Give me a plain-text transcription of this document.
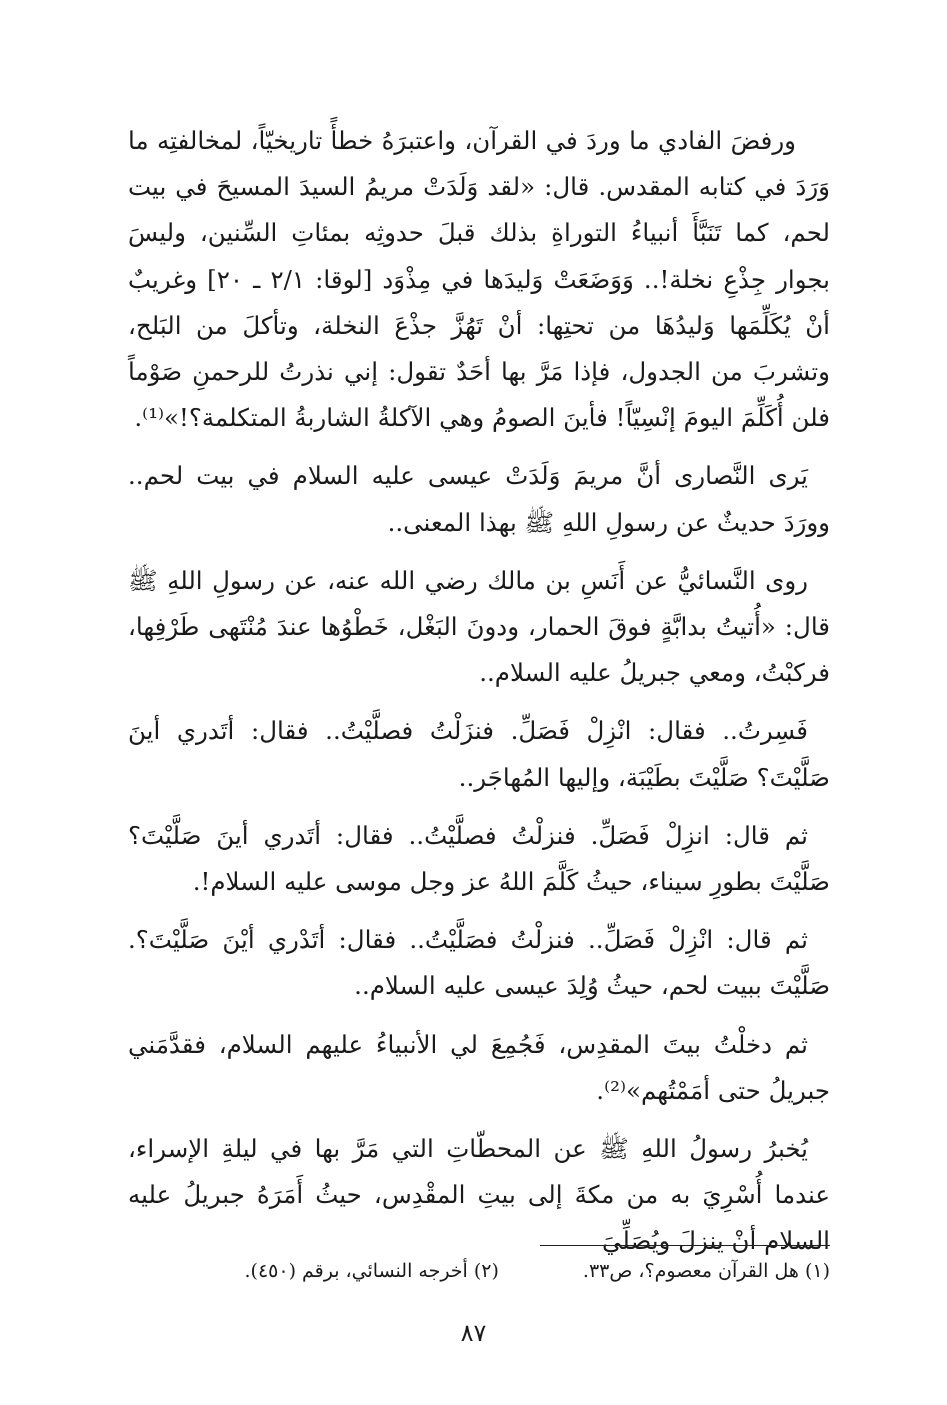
ورفضَ الفادي ما وردَ في القرآن، واعتبرَهُ خطأً تاريخيّاً، لمخالفتِه ما وَرَدَ في كتابه المقدس. قال: «لقد وَلَدَتْ مريمُ السيدَ المسيحَ في بيت لحم، كما تَنَبَّأَ أنبياءُ التوراةِ بذلك قبلَ حدوثِه بمئاتِ السِّنين، وليسَ بجوار جِذْعِ نخلة!.. وَوَضَعَتْ وَليدَها في مِذْوَد [لوقا: ٢/١ ـ ٢٠] وغريبٌ أنْ يُكَلِّمَها وَليدُهَا من تحتِها: أنْ تَهُزَّ جذْعَ النخلة، وتأكلَ من البَلح، وتشربَ من الجدول، فإذا مَرَّ بها أحَدٌ تقول: إني نذرتُ للرحمنِ صَوْماً فلن أُكَلِّمَ اليومَ إنْسِيّاً! فأينَ الصومُ وهي الآكلةُ الشاربةُ المتكلمة؟!»⁽¹⁾.

يَرى النَّصارى أنَّ مريمَ وَلَدَتْ عيسى عليه السلام في بيت لحم.. وورَدَ حديثٌ عن رسولِ اللهِ ﷺ بهذا المعنى..

روى النَّسائيُّ عن أَنَسِ بن مالك رضي الله عنه، عن رسولِ اللهِ ﷺ قال: «أُتيتُ بدابَّةٍ فوقَ الحمار، ودونَ البَغْل، خَطْوُها عندَ مُنْتَهى طَرْفِها، فركبْتُ، ومعي جبريلُ عليه السلام..

فَسِرتُ.. فقال: انْزِلْ فَصَلِّ. فنزَلْتُ فصلَّيْتُ.. فقال: أتَدري أينَ صَلَّيْتَ؟ صَلَّيْتَ بطَيْبَة، وإليها المُهاجَر..

ثم قال: انزِلْ فَصَلِّ. فنزلْتُ فصلَّيْتُ.. فقال: أتَدري أينَ صَلَّيْتَ؟ صَلَّيْتَ بطورِ سيناء، حيثُ كَلَّمَ اللهُ عز وجل موسى عليه السلام!.

ثم قال: انْزِلْ فَصَلِّ.. فنزلْتُ فصَلَّيْتُ.. فقال: أتَدْري أيْنَ صَلَّيْتَ؟. صَلَّيْتَ ببيت لحم، حيثُ وُلِدَ عيسى عليه السلام..

ثم دخلْتُ بيتَ المقدِس، فَجُمِعَ لي الأنبياءُ عليهم السلام، فقدَّمَني جبريلُ حتى أمَمْتُهم»⁽²⁾.

يُخبرُ رسولُ اللهِ ﷺ عن المحطّاتِ التي مَرَّ بها في ليلةِ الإسراء، عندما أُسْرِيَ به من مكةَ إلى بيتِ المقْدِس، حيثُ أَمَرَهُ جبريلُ عليه السلام أنْ ينزلَ ويُصَلِّيَ

(١) هل القرآن معصوم؟، ص٣٣.
(٢) أخرجه النسائي، برقم (٤٥٠).
٨٧
